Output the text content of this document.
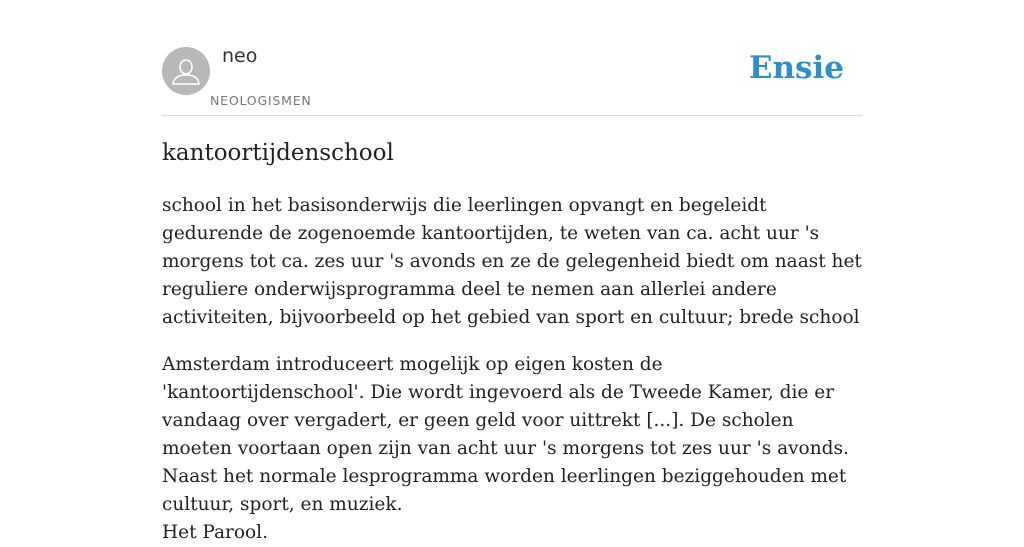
neo
NEOLOGISMEN
Ensie
kantoortijdenschool

school in het basisonderwijs die leerlingen opvangt en begeleidt gedurende de zogenoemde kantoortijden, te weten van ca. acht uur 's morgens tot ca. zes uur 's avonds en ze de gelegenheid biedt om naast het reguliere onderwijsprogramma deel te nemen aan allerlei andere activiteiten, bijvoorbeeld op het gebied van sport en cultuur; brede school

Amsterdam introduceert mogelijk op eigen kosten de 'kantoortijdenschool'. Die wordt ingevoerd als de Tweede Kamer, die er vandaag over vergadert, er geen geld voor uittrekt [...]. De scholen moeten voortaan open zijn van acht uur 's morgens tot zes uur 's avonds. Naast het normale lesprogramma worden leerlingen beziggehouden met cultuur, sport, en muziek.
Het Parool.
